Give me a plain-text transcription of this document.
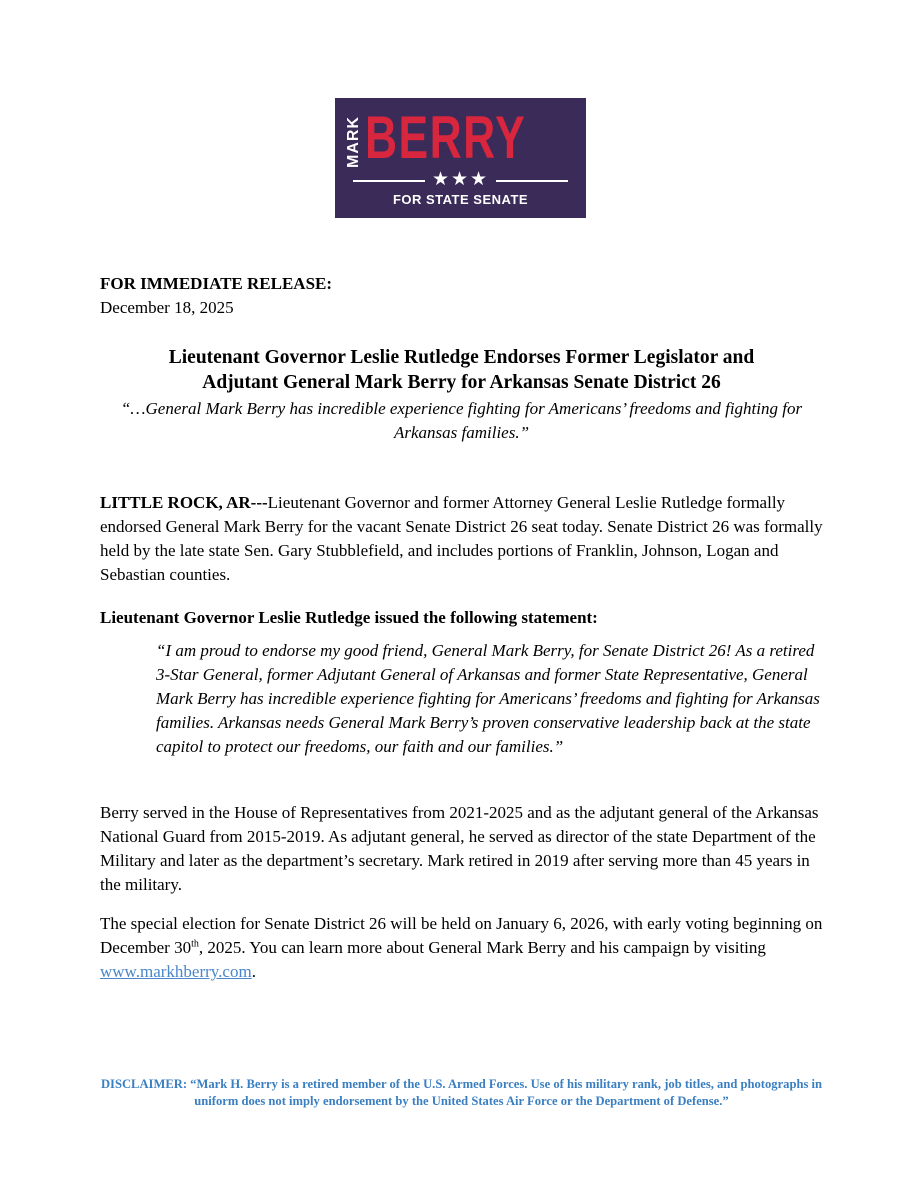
MARK BERRY
★★★
FOR STATE SENATE
FOR IMMEDIATE RELEASE:
December 18, 2025
Lieutenant Governor Leslie Rutledge Endorses Former Legislator and
Adjutant General Mark Berry for Arkansas Senate District 26
“…General Mark Berry has incredible experience fighting for Americans’ freedoms and fighting for Arkansas families.”

LITTLE ROCK, AR---Lieutenant Governor and former Attorney General Leslie Rutledge formally endorsed General Mark Berry for the vacant Senate District 26 seat today. Senate District 26 was formally held by the late state Sen. Gary Stubblefield, and includes portions of Franklin, Johnson, Logan and Sebastian counties.

Lieutenant Governor Leslie Rutledge issued the following statement:

“I am proud to endorse my good friend, General Mark Berry, for Senate District 26! As a retired 3-Star General, former Adjutant General of Arkansas and former State Representative, General Mark Berry has incredible experience fighting for Americans’ freedoms and fighting for Arkansas families. Arkansas needs General Mark Berry’s proven conservative leadership back at the state capitol to protect our freedoms, our faith and our families.”

Berry served in the House of Representatives from 2021-2025 and as the adjutant general of the Arkansas National Guard from 2015-2019. As adjutant general, he served as director of the state Department of the Military and later as the department’s secretary. Mark retired in 2019 after serving more than 45 years in the military.

The special election for Senate District 26 will be held on January 6, 2026, with early voting beginning on December 30th, 2025. You can learn more about General Mark Berry and his campaign by visiting www.markhberry.com.

DISCLAIMER: “Mark H. Berry is a retired member of the U.S. Armed Forces. Use of his military rank, job titles, and photographs in uniform does not imply endorsement by the United States Air Force or the Department of Defense.”
